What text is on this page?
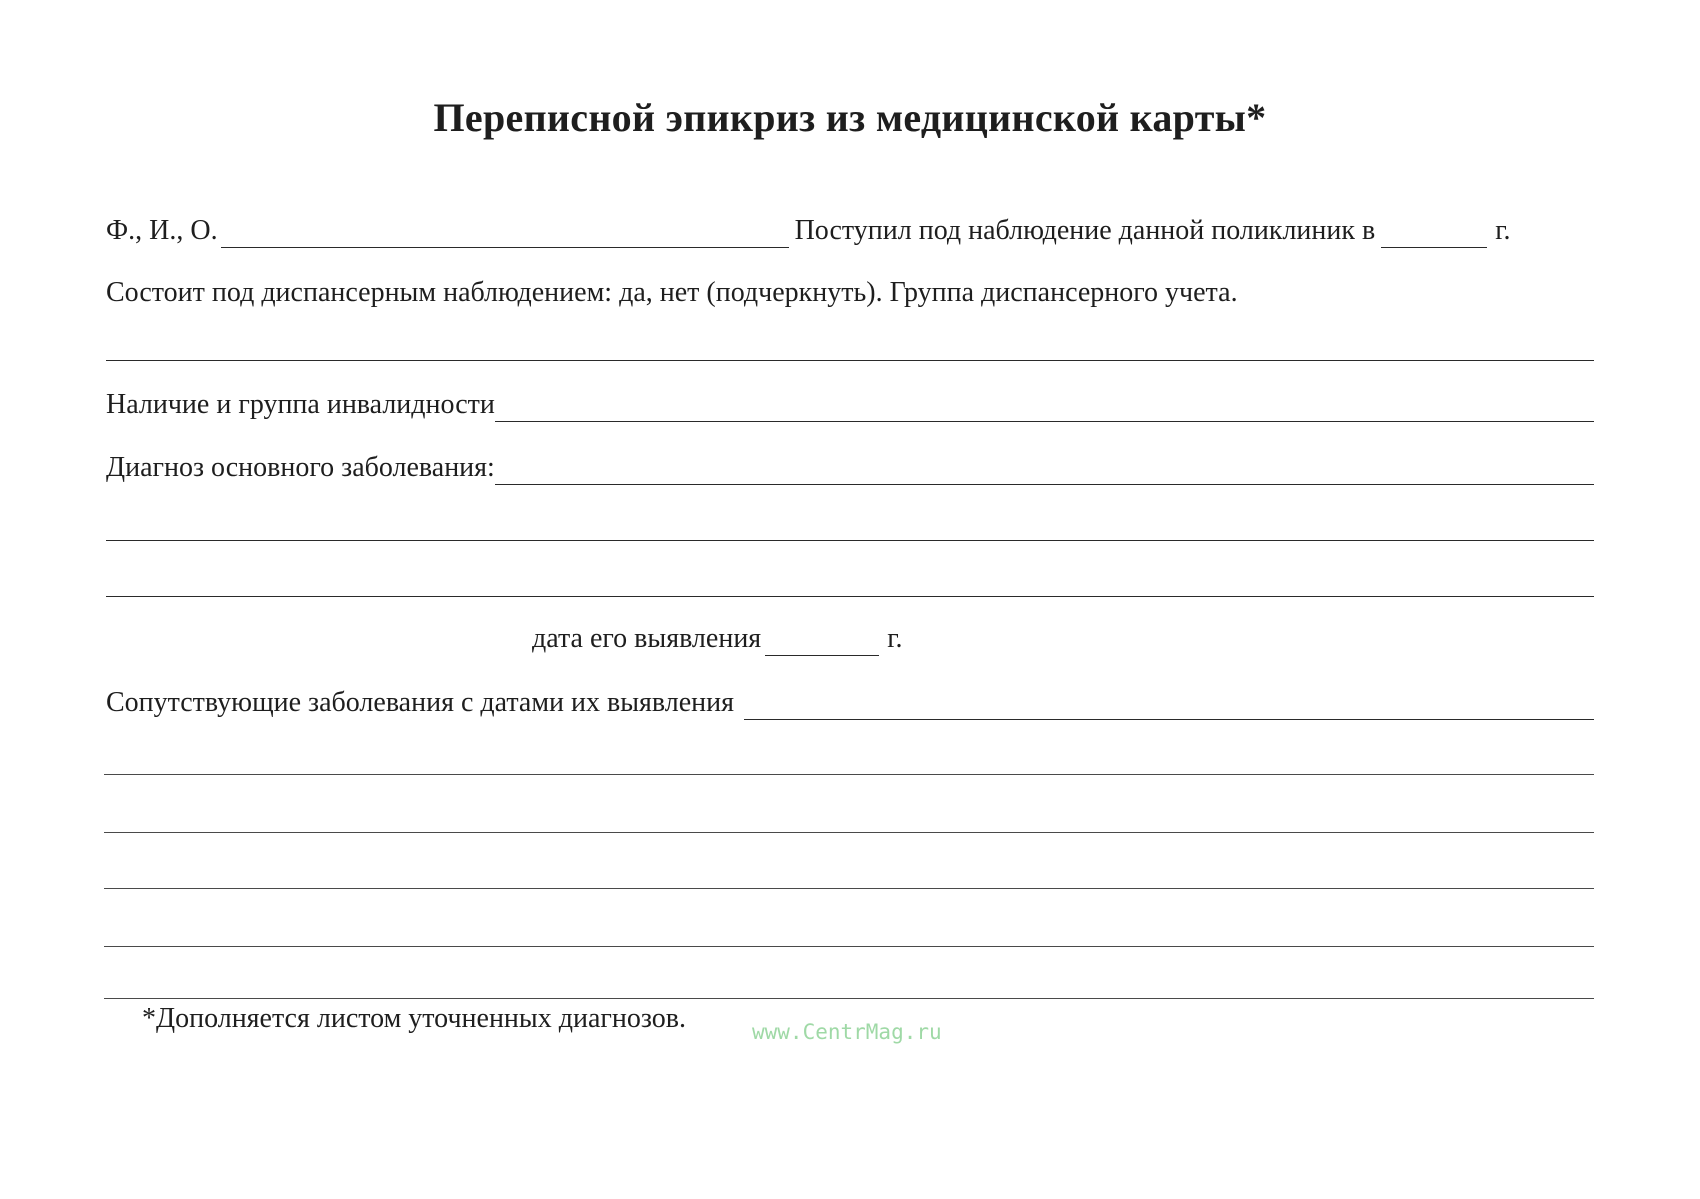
Переписной эпикриз из медицинской карты*
Ф., И., О.	Поступил под наблюдение данной поликлиник в	г.
Состоит под диспансерным наблюдением: да, нет (подчеркнуть). Группа диспансерного учета.
Наличие и группа инвалидности
Диагноз основного заболевания:
дата его выявления	г.
Сопутствующие заболевания с датами их выявления
*Дополняется листом уточненных диагнозов.	www.CentrMag.ru
